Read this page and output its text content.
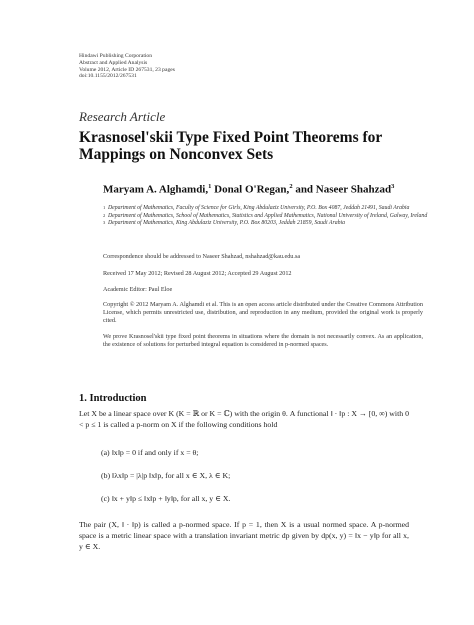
Hindawi Publishing Corporation
Abstract and Applied Analysis
Volume 2012, Article ID 267531, 23 pages
doi:10.1155/2012/267531
Research Article
Krasnosel'skii Type Fixed Point Theorems for Mappings on Nonconvex Sets
Maryam A. Alghamdi,$^1$ Donal O'Regan,$^2$ and Naseer Shahzad$^3$
1 Department of Mathematics, Faculty of Science for Girls, King Abdulaziz University, P.O. Box 4087, Jeddah 21491, Saudi Arabia
2 Department of Mathematics, School of Mathematics, Statistics and Applied Mathematics, National University of Ireland, Galway, Ireland
3 Department of Mathematics, King Abdulaziz University, P.O. Box 80203, Jeddah 21859, Saudi Arabia
Correspondence should be addressed to Naseer Shahzad, nshahzad@kau.edu.sa
Received 17 May 2012; Revised 28 August 2012; Accepted 29 August 2012
Academic Editor: Paul Eloe
Copyright © 2012 Maryam A. Alghamdi et al. This is an open access article distributed under the Creative Commons Attribution License, which permits unrestricted use, distribution, and reproduction in any medium, provided the original work is properly cited.
We prove Krasnosel'skii type fixed point theorems in situations where the domain is not necessarily convex. As an application, the existence of solutions for perturbed integral equation is considered in p-normed spaces.
1. Introduction
Let X be a linear space over K (K = ℝ or K = ℂ) with the origin θ. A functional ‖ · ‖p : X → [0, ∞) with 0 < p ≤ 1 is called a p-norm on X if the following conditions hold
(a) ‖x‖p = 0 if and only if x = θ;
(b) ‖λx‖p = |λ|p ‖x‖p, for all x ∈ X, λ ∈ K;
(c) ‖x + y‖p ≤ ‖x‖p + ‖y‖p, for all x, y ∈ X.
The pair (X, ‖ · ‖p) is called a p-normed space. If p = 1, then X is a usual normed space. A p-normed space is a metric linear space with a translation invariant metric dp given by dp(x, y) = ‖x − y‖p for all x, y ∈ X.
